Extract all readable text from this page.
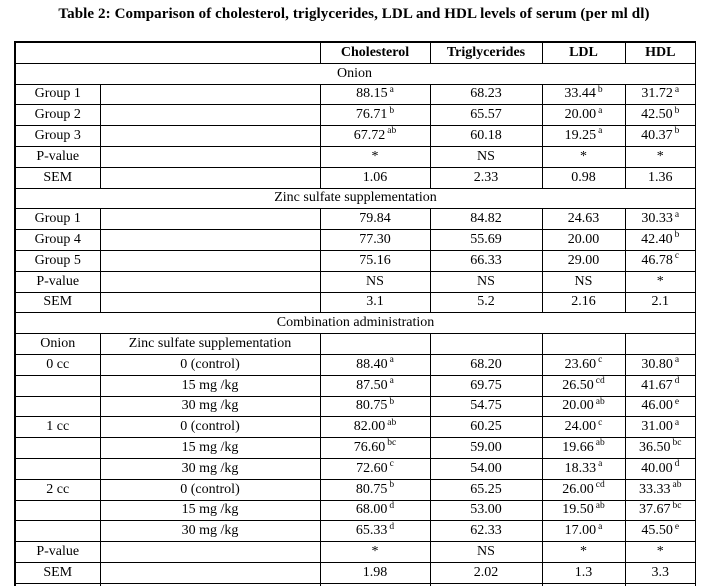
Table 2: Comparison of cholesterol, triglycerides, LDL and HDL levels of serum (per ml dl)
		Cholesterol	Triglycerides	LDL	HDL
Onion					
Group 1		88.15 $^a$	68.23	33.44 $^b$	31.72 $^a$
Group 2		76.71 $^b$	65.57	20.00 $^a$	42.50 $^b$
Group 3		67.72 $^{ab}$	60.18	19.25 $^a$	40.37 $^b$
P-value		*	NS	*	*
SEM		1.06	2.33	0.98	1.36
Zinc sulfate supplementation					
Group 1		79.84	84.82	24.63	30.33 $^a$
Group 4		77.30	55.69	20.00	42.40 $^b$
Group 5		75.16	66.33	29.00	46.78 $^c$
P-value		NS	NS	NS	*
SEM		3.1	5.2	2.16	2.1
Combination administration					
Onion	Zinc sulfate supplementation				
0 cc	0 (control)	88.40 $^a$	68.20	23.60 $^c$	30.80 $^a$
	15 mg /kg	87.50 $^a$	69.75	26.50 $^{cd}$	41.67 $^d$
	30 mg /kg	80.75 $^b$	54.75	20.00 $^{ab}$	46.00 $^e$
1 cc	0 (control)	82.00 $^{ab}$	60.25	24.00 $^c$	31.00 $^a$
	15 mg /kg	76.60 $^{bc}$	59.00	19.66 $^{ab}$	36.50 $^{bc}$
	30 mg /kg	72.60 $^c$	54.00	18.33 $^a$	40.00 $^d$
2 cc	0 (control)	80.75 $^b$	65.25	26.00 $^{cd}$	33.33 $^{ab}$
	15 mg /kg	68.00 $^d$	53.00	19.50 $^{ab}$	37.67 $^{bc}$
	30 mg /kg	65.33 $^d$	62.33	17.00 $^a$	45.50 $^e$
P-value		*	NS	*	*
SEM		1.98	2.02	1.3	3.3
